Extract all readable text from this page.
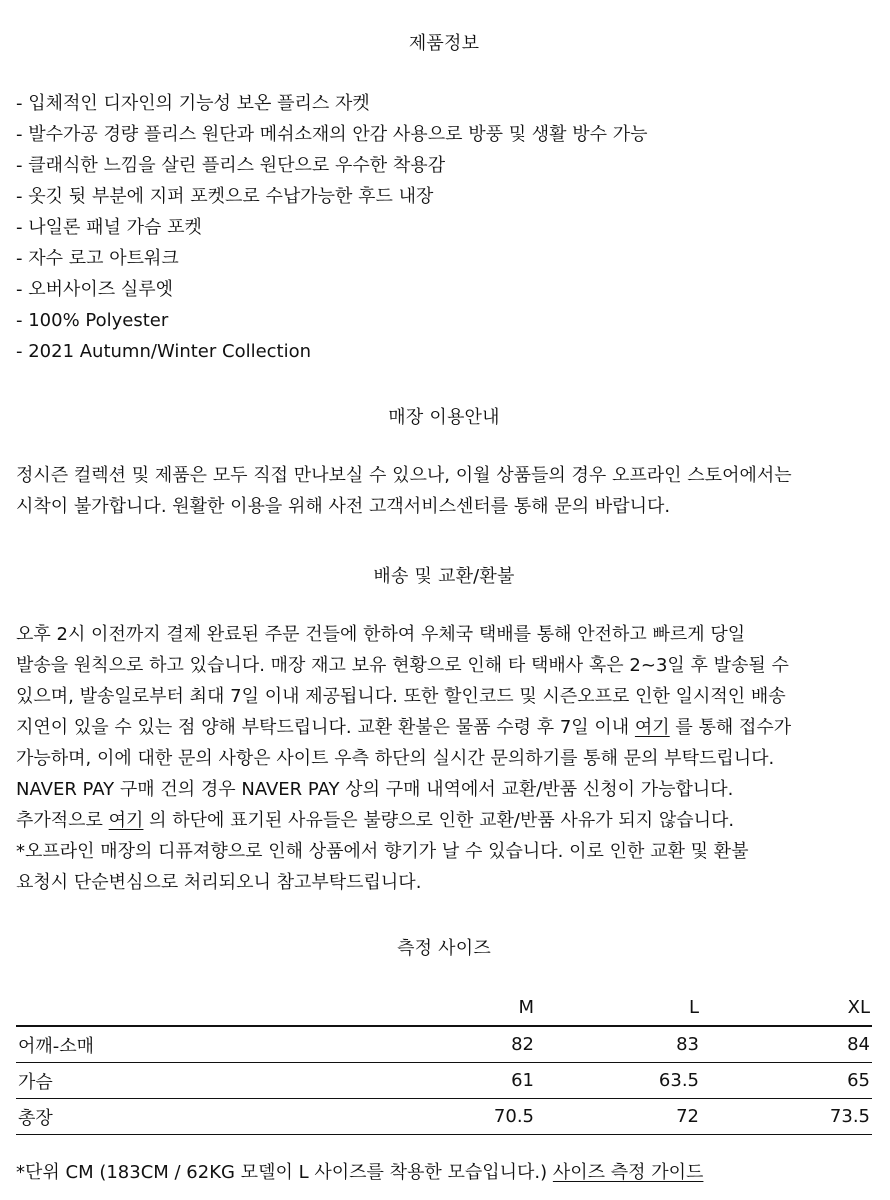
제품정보
- 입체적인 디자인의 기능성 보온 플리스 자켓
- 발수가공 경량 플리스 원단과 메쉬소재의 안감 사용으로 방풍 및 생활 방수 가능
- 클래식한 느낌을 살린 플리스 원단으로 우수한 착용감
- 옷깃 뒷 부분에 지퍼 포켓으로 수납가능한 후드 내장
- 나일론 패널 가슴 포켓
- 자수 로고 아트워크
- 오버사이즈 실루엣
- 100% Polyester
- 2021 Autumn/Winter Collection
매장 이용안내
정시즌 컬렉션 및 제품은 모두 직접 만나보실 수 있으나, 이월 상품들의 경우 오프라인 스토어에서는
시착이 불가합니다. 원활한 이용을 위해 사전 고객서비스센터를 통해 문의 바랍니다.
배송 및 교환/환불
오후 2시 이전까지 결제 완료된 주문 건들에 한하여 우체국 택배를 통해 안전하고 빠르게 당일
발송을 원칙으로 하고 있습니다. 매장 재고 보유 현황으로 인해 타 택배사 혹은 2~3일 후 발송될 수
있으며, 발송일로부터 최대 7일 이내 제공됩니다. 또한 할인코드 및 시즌오프로 인한 일시적인 배송
지연이 있을 수 있는 점 양해 부탁드립니다. 교환 환불은 물품 수령 후 7일 이내 여기 를 통해 접수가
가능하며, 이에 대한 문의 사항은 사이트 우측 하단의 실시간 문의하기를 통해 문의 부탁드립니다.
NAVER PAY 구매 건의 경우 NAVER PAY 상의 구매 내역에서 교환/반품 신청이 가능합니다.
추가적으로 여기 의 하단에 표기된 사유들은 불량으로 인한 교환/반품 사유가 되지 않습니다.
*오프라인 매장의 디퓨져향으로 인해 상품에서 향기가 날 수 있습니다. 이로 인한 교환 및 환불
요청시 단순변심으로 처리되오니 참고부탁드립니다.
측정 사이즈
	M	L	XL
어깨-소매	82	83	84
가슴	61	63.5	65
총장	70.5	72	73.5
*단위 CM (183CM / 62KG 모델이 L 사이즈를 착용한 모습입니다.) 사이즈 측정 가이드
